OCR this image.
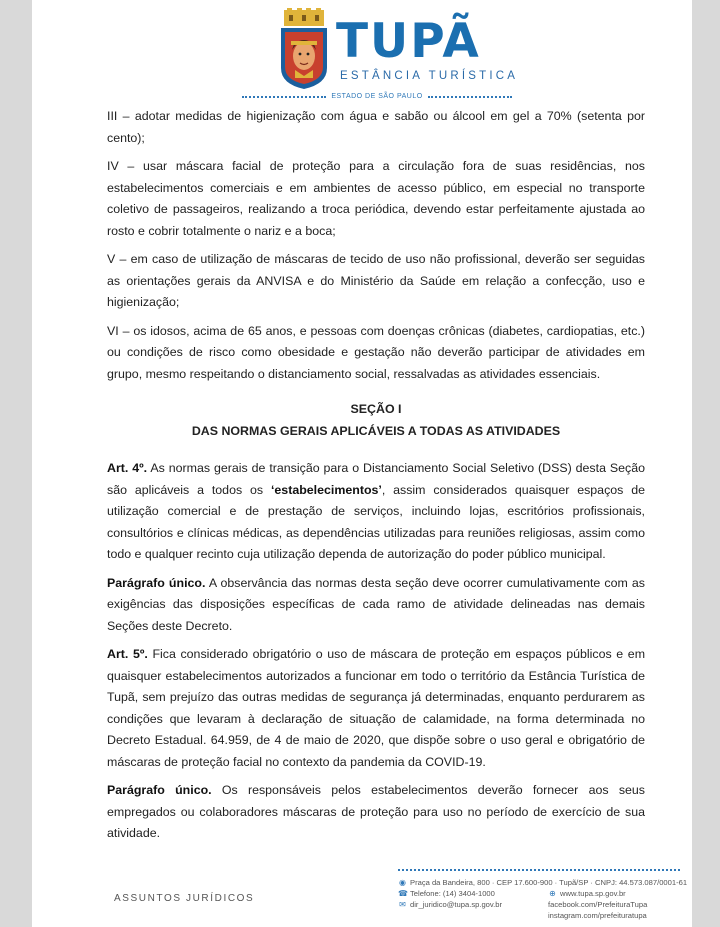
TUPÃ
ESTÂNCIA TURÍSTICA
ESTADO DE SÃO PAULO

III – adotar medidas de higienização com água e sabão ou álcool em gel a 70% (setenta por cento);

IV – usar máscara facial de proteção para a circulação fora de suas residências, nos estabelecimentos comerciais e em ambientes de acesso público, em especial no transporte coletivo de passageiros, realizando a troca periódica, devendo estar perfeitamente ajustada ao rosto e cobrir totalmente o nariz e a boca;

V – em caso de utilização de máscaras de tecido de uso não profissional, deverão ser seguidas as orientações gerais da ANVISA e do Ministério da Saúde em relação a confecção, uso e higienização;

VI – os idosos, acima de 65 anos, e pessoas com doenças crônicas (diabetes, cardiopatias, etc.) ou condições de risco como obesidade e gestação não deverão participar de atividades em grupo, mesmo respeitando o distanciamento social, ressalvadas as atividades essenciais.

SEÇÃO I
DAS NORMAS GERAIS APLICÁVEIS A TODAS AS ATIVIDADES

Art. 4º. As normas gerais de transição para o Distanciamento Social Seletivo (DSS) desta Seção são aplicáveis a todos os ‘estabelecimentos’, assim considerados quaisquer espaços de utilização comercial e de prestação de serviços, incluindo lojas, escritórios profissionais, consultórios e clínicas médicas, as dependências utilizadas para reuniões religiosas, assim como todo e qualquer recinto cuja utilização dependa de autorização do poder público municipal.

Parágrafo único. A observância das normas desta seção deve ocorrer cumulativamente com as exigências das disposições específicas de cada ramo de atividade delineadas nas demais Seções deste Decreto.

Art. 5º. Fica considerado obrigatório o uso de máscara de proteção em espaços públicos e em quaisquer estabelecimentos autorizados a funcionar em todo o território da Estância Turística de Tupã, sem prejuízo das outras medidas de segurança já determinadas, enquanto perdurarem as condições que levaram à declaração de situação de calamidade, na forma determinada no Decreto Estadual. 64.959, de 4 de maio de 2020, que dispõe sobre o uso geral e obrigatório de máscaras de proteção facial no contexto da pandemia da COVID-19.

Parágrafo único. Os responsáveis pelos estabelecimentos deverão fornecer aos seus empregados ou colaboradores máscaras de proteção para uso no período de exercício de sua atividade.

ASSUNTOS JURÍDICOS
◉ Praça da Bandeira, 800 · CEP 17.600-900 · Tupã/SP · CNPJ: 44.573.087/0001-61
☎ Telefone: (14) 3404-1000
✉ dir_juridico@tupa.sp.gov.br
⊕ www.tupa.sp.gov.br
facebook.com/PrefeituraTupa
instagram.com/prefeituratupa
